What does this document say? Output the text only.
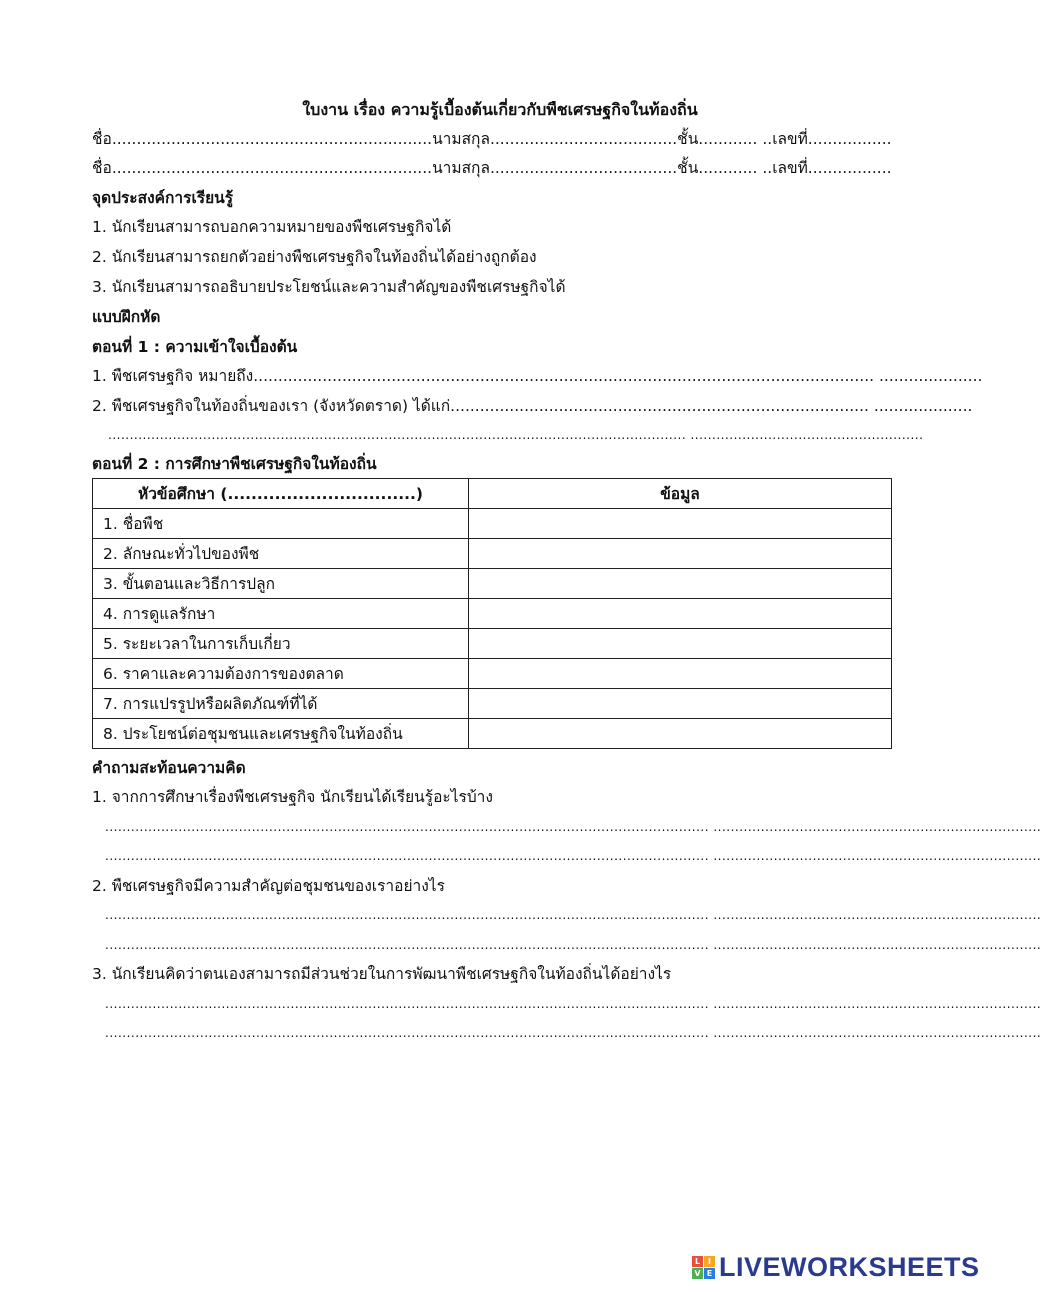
ใบงาน เรื่อง ความรู้เบื้องต้นเกี่ยวกับพืชเศรษฐกิจในท้องถิ่น
ชื่อ.................................................................นามสกุล......................................ชั้น............ ..เลขที่.................
ชื่อ.................................................................นามสกุล......................................ชั้น............ ..เลขที่.................
จุดประสงค์การเรียนรู้
1. นักเรียนสามารถบอกความหมายของพืชเศรษฐกิจได้
2. นักเรียนสามารถยกตัวอย่างพืชเศรษฐกิจในท้องถิ่นได้อย่างถูกต้อง
3. นักเรียนสามารถอธิบายประโยชน์และความสำคัญของพืชเศรษฐกิจได้
แบบฝึกหัด
ตอนที่ 1 : ความเข้าใจเบื้องต้น
1. พืชเศรษฐกิจ หมายถึง.............................................................................................................................. .....................
2. พืชเศรษฐกิจในท้องถิ่นของเรา (จังหวัดตราด) ได้แก่..................................................................................... ....................
...................................................................................................................................... ......................................................
ตอนที่ 2 : การศึกษาพืชเศรษฐกิจในท้องถิ่น
หัวข้อศึกษา (................................)	ข้อมูล
1. ชื่อพืช	
2. ลักษณะทั่วไปของพืช	
3. ขั้นตอนและวิธีการปลูก	
4. การดูแลรักษา	
5. ระยะเวลาในการเก็บเกี่ยว	
6. ราคาและความต้องการของตลาด	
7. การแปรรูปหรือผลิตภัณฑ์ที่ได้	
8. ประโยชน์ต่อชุมชนและเศรษฐกิจในท้องถิ่น	
คำถามสะท้อนความคิด
1. จากการศึกษาเรื่องพืชเศรษฐกิจ นักเรียนได้เรียนรู้อะไรบ้าง
............................................................................................................................................ ............................................................................
............................................................................................................................................ ............................................................................
2. พืชเศรษฐกิจมีความสำคัญต่อชุมชนของเราอย่างไร
............................................................................................................................................ ............................................................................
............................................................................................................................................ ............................................................................
3. นักเรียนคิดว่าตนเองสามารถมีส่วนช่วยในการพัฒนาพืชเศรษฐกิจในท้องถิ่นได้อย่างไร
............................................................................................................................................ ............................................................................
............................................................................................................................................ ............................................................................
L I
V E LIVEWORKSHEETS
